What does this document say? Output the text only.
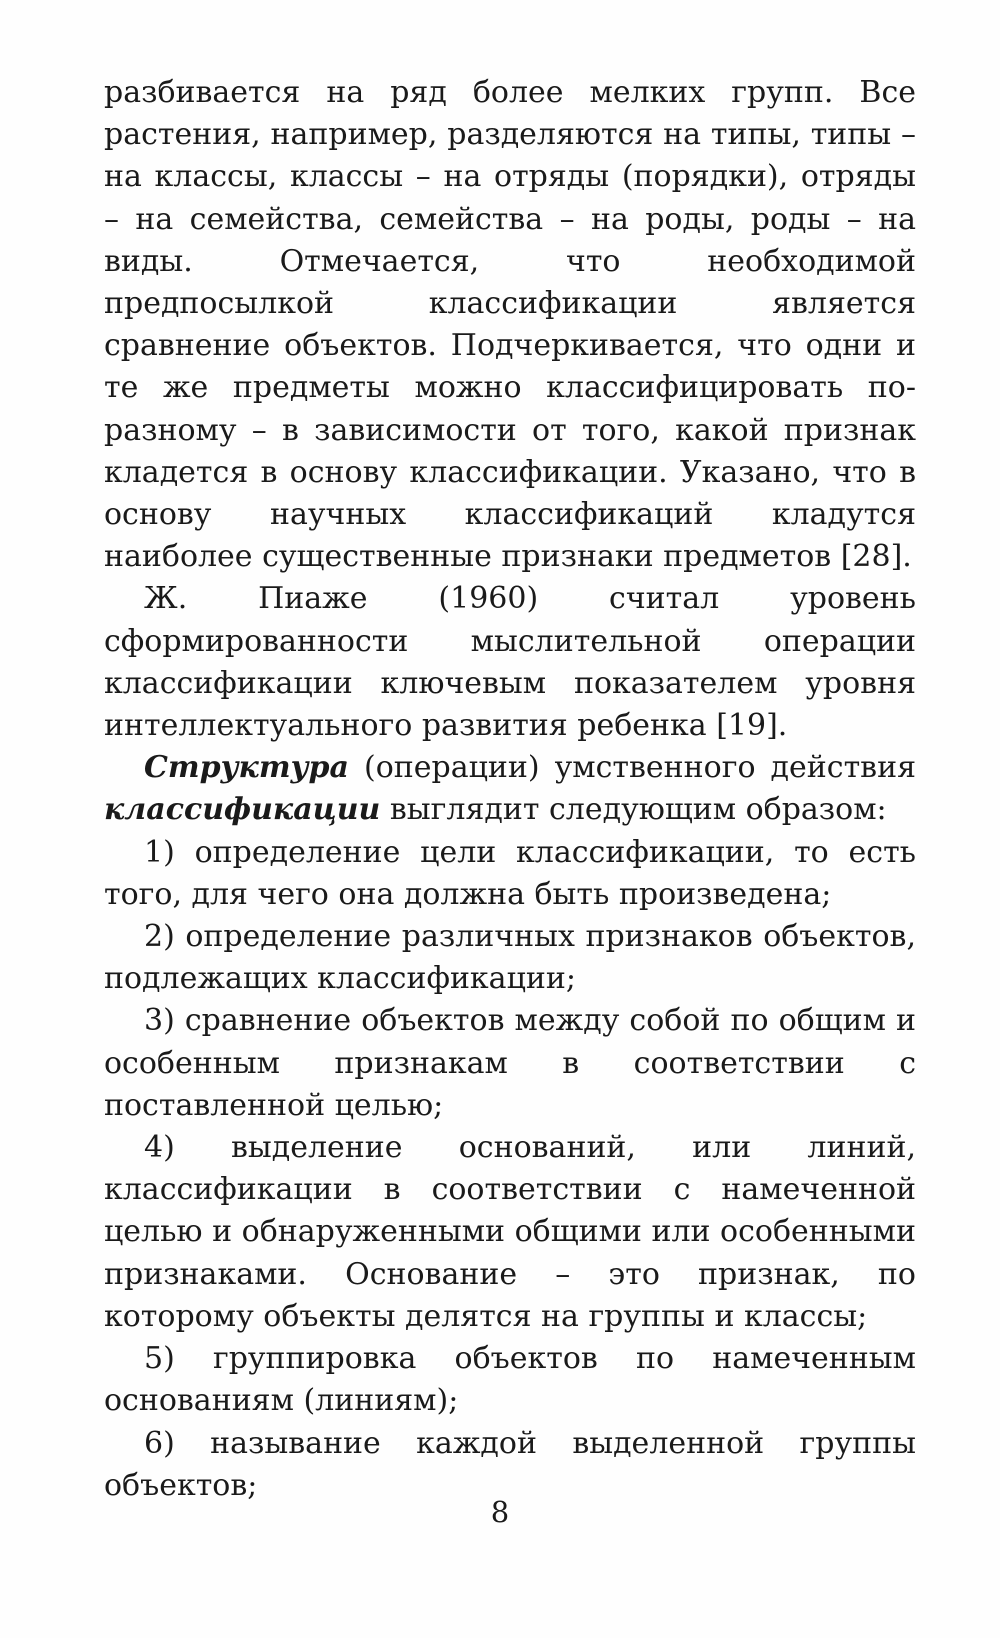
разбивается на ряд более мелких групп. Все растения, например, разделяются на типы, типы – на классы, классы – на отряды (порядки), отряды – на семейства, семейства – на роды, роды – на виды. Отмечается, что необходимой предпосылкой классификации является сравнение объектов. Подчеркивается, что одни и те же предметы можно классифицировать по-разному – в зависимости от того, какой признак кладется в основу классификации. Указано, что в основу научных классификаций кладутся наиболее существенные признаки предметов [28].

Ж. Пиаже (1960) считал уровень сформированности мыслительной операции классификации ключевым показателем уровня интеллектуального развития ребенка [19].

Структура (операции) умственного действия классификации выглядит следующим образом:

1) определение цели классификации, то есть того, для чего она должна быть произведена;

2) определение различных признаков объектов, подлежащих классификации;

3) сравнение объектов между собой по общим и особенным признакам в соответствии с поставленной целью;

4) выделение оснований, или линий, классификации в соответствии с намеченной целью и обнаруженными общими или особенными признаками. Основание – это признак, по которому объекты делятся на группы и классы;

5) группировка объектов по намеченным основаниям (линиям);

6) называние каждой выделенной группы объектов;

8
